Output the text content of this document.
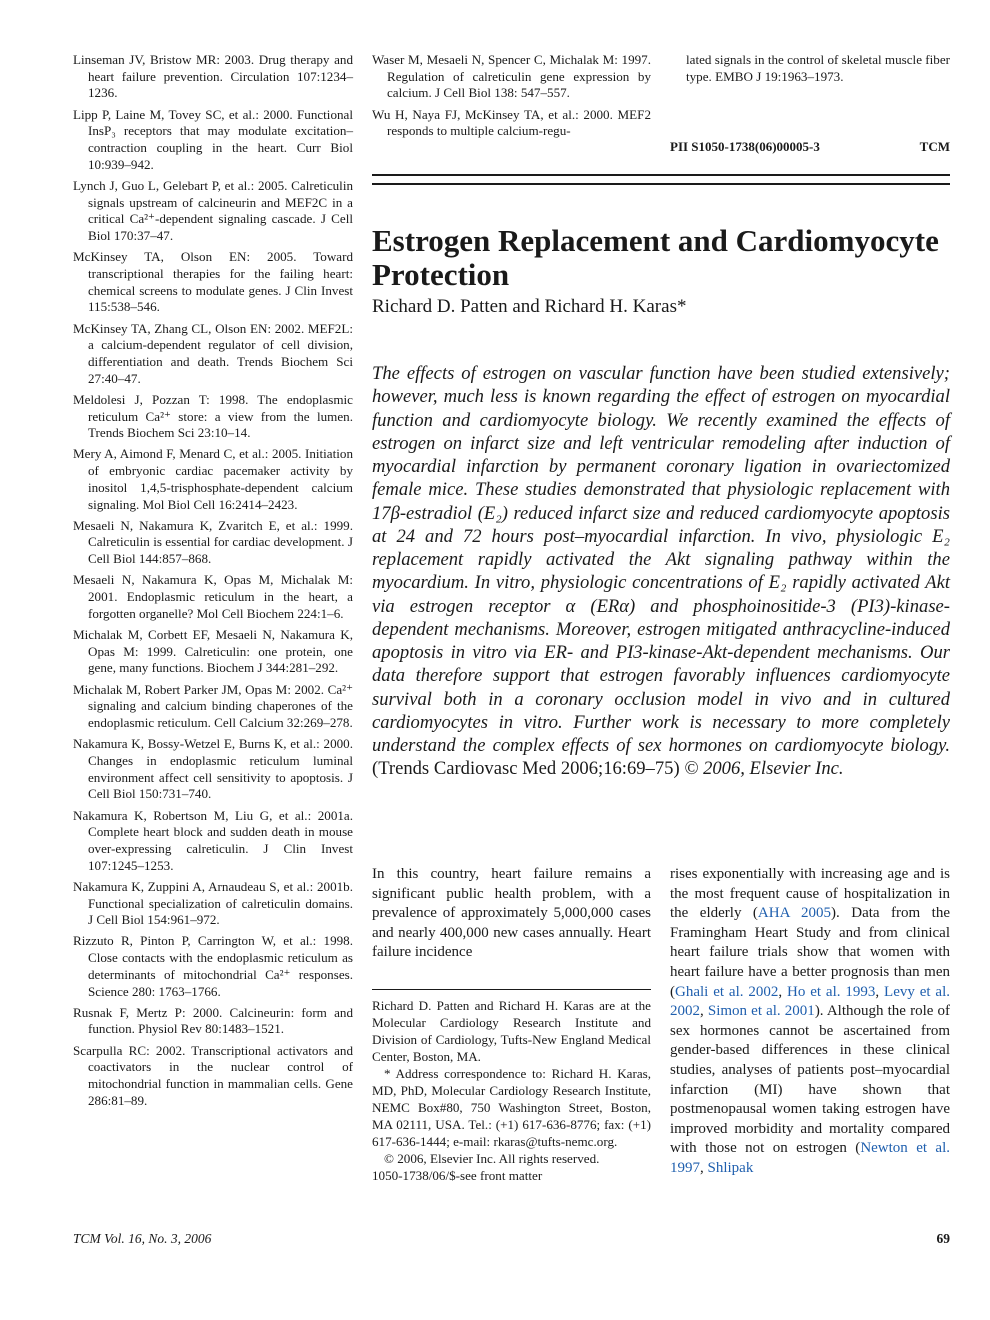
Linseman JV, Bristow MR: 2003. Drug therapy and heart failure prevention. Circulation 107:1234–1236.

Lipp P, Laine M, Tovey SC, et al.: 2000. Functional InsP₃ receptors that may modulate excitation–contraction coupling in the heart. Curr Biol 10:939–942.

Lynch J, Guo L, Gelebart P, et al.: 2005. Calreticulin signals upstream of calcineurin and MEF2C in a critical Ca²⁺-dependent signaling cascade. J Cell Biol 170:37–47.

McKinsey TA, Olson EN: 2005. Toward transcriptional therapies for the failing heart: chemical screens to modulate genes. J Clin Invest 115:538–546.

McKinsey TA, Zhang CL, Olson EN: 2002. MEF2L: a calcium-dependent regulator of cell division, differentiation and death. Trends Biochem Sci 27:40–47.

Meldolesi J, Pozzan T: 1998. The endoplasmic reticulum Ca²⁺ store: a view from the lumen. Trends Biochem Sci 23:10–14.

Mery A, Aimond F, Menard C, et al.: 2005. Initiation of embryonic cardiac pacemaker activity by inositol 1,4,5-trisphosphate-dependent calcium signaling. Mol Biol Cell 16:2414–2423.

Mesaeli N, Nakamura K, Zvaritch E, et al.: 1999. Calreticulin is essential for cardiac development. J Cell Biol 144:857–868.

Mesaeli N, Nakamura K, Opas M, Michalak M: 2001. Endoplasmic reticulum in the heart, a forgotten organelle? Mol Cell Biochem 224:1–6.

Michalak M, Corbett EF, Mesaeli N, Nakamura K, Opas M: 1999. Calreticulin: one protein, one gene, many functions. Biochem J 344:281–292.

Michalak M, Robert Parker JM, Opas M: 2002. Ca²⁺ signaling and calcium binding chaperones of the endoplasmic reticulum. Cell Calcium 32:269–278.

Nakamura K, Bossy-Wetzel E, Burns K, et al.: 2000. Changes in endoplasmic reticulum luminal environment affect cell sensitivity to apoptosis. J Cell Biol 150:731–740.

Nakamura K, Robertson M, Liu G, et al.: 2001a. Complete heart block and sudden death in mouse over-expressing calreticulin. J Clin Invest 107:1245–1253.

Nakamura K, Zuppini A, Arnaudeau S, et al.: 2001b. Functional specialization of calreticulin domains. J Cell Biol 154:961–972.

Rizzuto R, Pinton P, Carrington W, et al.: 1998. Close contacts with the endoplasmic reticulum as determinants of mitochondrial Ca²⁺ responses. Science 280: 1763–1766.

Rusnak F, Mertz P: 2000. Calcineurin: form and function. Physiol Rev 80:1483–1521.

Scarpulla RC: 2002. Transcriptional activators and coactivators in the nuclear control of mitochondrial function in mammalian cells. Gene 286:81–89.

Waser M, Mesaeli N, Spencer C, Michalak M: 1997. Regulation of calreticulin gene expression by calcium. J Cell Biol 138: 547–557.

Wu H, Naya FJ, McKinsey TA, et al.: 2000. MEF2 responds to multiple calcium-regu-

lated signals in the control of skeletal muscle fiber type. EMBO J 19:1963–1973.

PII S1050-1738(06)00005-3	TCM
Estrogen Replacement and Cardiomyocyte Protection
Richard D. Patten and Richard H. Karas*

The effects of estrogen on vascular function have been studied extensively; however, much less is known regarding the effect of estrogen on myocardial function and cardiomyocyte biology. We recently examined the effects of estrogen on infarct size and left ventricular remodeling after induction of myocardial infarction by permanent coronary ligation in ovariectomized female mice. These studies demonstrated that physiologic replacement with 17β-estradiol (E₂) reduced infarct size and reduced cardiomyocyte apoptosis at 24 and 72 hours post–myocardial infarction. In vivo, physiologic E₂ replacement rapidly activated the Akt signaling pathway within the myocardium. In vitro, physiologic concentrations of E₂ rapidly activated Akt via estrogen receptor α (ERα) and phosphoinositide-3 (PI3)-kinase-dependent mechanisms. Moreover, estrogen mitigated anthracycline-induced apoptosis in vitro via ER- and PI3-kinase-Akt-dependent mechanisms. Our data therefore support that estrogen favorably influences cardiomyocyte survival both in a coronary occlusion model in vivo and in cultured cardiomyocytes in vitro. Further work is necessary to more completely understand the complex effects of sex hormones on cardiomyocyte biology. (Trends Cardiovasc Med 2006;16:69–75) © 2006, Elsevier Inc.

In this country, heart failure remains a significant public health problem, with a prevalence of approximately 5,000,000 cases and nearly 400,000 new cases annually. Heart failure incidence

Richard D. Patten and Richard H. Karas are at the Molecular Cardiology Research Institute and Division of Cardiology, Tufts-New England Medical Center, Boston, MA.

* Address correspondence to: Richard H. Karas, MD, PhD, Molecular Cardiology Research Institute, NEMC Box#80, 750 Washington Street, Boston, MA 02111, USA. Tel.: (+1) 617-636-8776; fax: (+1) 617-636-1444; e-mail: rkaras@tufts-nemc.org.

© 2006, Elsevier Inc. All rights reserved.

1050-1738/06/$-see front matter

rises exponentially with increasing age and is the most frequent cause of hospitalization in the elderly (AHA 2005). Data from the Framingham Heart Study and from clinical heart failure trials show that women with heart failure have a better prognosis than men (Ghali et al. 2002, Ho et al. 1993, Levy et al. 2002, Simon et al. 2001). Although the role of sex hormones cannot be ascertained from gender-based differences in these clinical studies, analyses of patients post–myocardial infarction (MI) have shown that postmenopausal women taking estrogen have improved morbidity and mortality compared with those not on estrogen (Newton et al. 1997, Shlipak

TCM Vol. 16, No. 3, 2006	69
